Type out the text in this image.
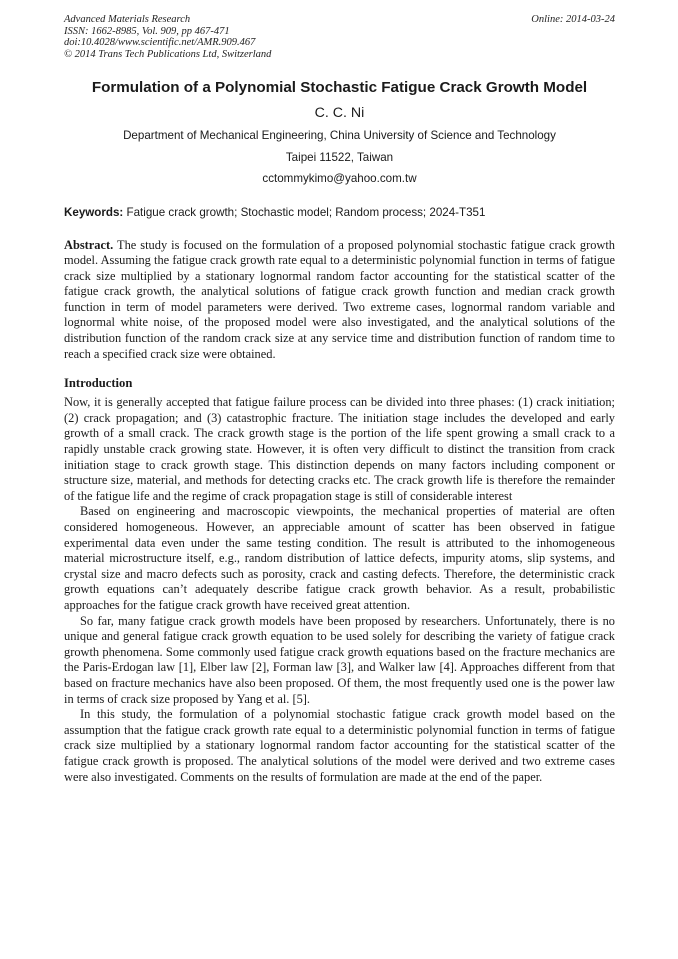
Advanced Materials Research
ISSN: 1662-8985, Vol. 909, pp 467-471
doi:10.4028/www.scientific.net/AMR.909.467
© 2014 Trans Tech Publications Ltd, Switzerland
Online: 2014-03-24
Formulation of a Polynomial Stochastic Fatigue Crack Growth Model
C. C. Ni
Department of Mechanical Engineering, China University of Science and Technology
Taipei 11522, Taiwan
cctommykimo@yahoo.com.tw
Keywords: Fatigue crack growth; Stochastic model; Random process; 2024-T351
Abstract. The study is focused on the formulation of a proposed polynomial stochastic fatigue crack growth model. Assuming the fatigue crack growth rate equal to a deterministic polynomial function in terms of fatigue crack size multiplied by a stationary lognormal random factor accounting for the statistical scatter of the fatigue crack growth, the analytical solutions of fatigue crack growth function and median crack growth function in term of model parameters were derived. Two extreme cases, lognormal random variable and lognormal white noise, of the proposed model were also investigated, and the analytical solutions of the distribution function of the random crack size at any service time and distribution function of random time to reach a specified crack size were obtained.
Introduction

Now, it is generally accepted that fatigue failure process can be divided into three phases: (1) crack initiation; (2) crack propagation; and (3) catastrophic fracture. The initiation stage includes the developed and early growth of a small crack. The crack growth stage is the portion of the life spent growing a small crack to a rapidly unstable crack growing state. However, it is often very difficult to distinct the transition from crack initiation stage to crack growth stage. This distinction depends on many factors including component or structure size, material, and methods for detecting cracks etc. The crack growth life is therefore the remainder of the fatigue life and the regime of crack propagation stage is still of considerable interest

Based on engineering and macroscopic viewpoints, the mechanical properties of material are often considered homogeneous. However, an appreciable amount of scatter has been observed in fatigue experimental data even under the same testing condition. The result is attributed to the inhomogeneous material microstructure itself, e.g., random distribution of lattice defects, impurity atoms, slip systems, and crystal size and macro defects such as porosity, crack and casting defects. Therefore, the deterministic crack growth equations can’t adequately describe fatigue crack growth behavior. As a result, probabilistic approaches for the fatigue crack growth have received great attention.

So far, many fatigue crack growth models have been proposed by researchers. Unfortunately, there is no unique and general fatigue crack growth equation to be used solely for describing the variety of fatigue crack growth phenomena. Some commonly used fatigue crack growth equations based on the fracture mechanics are the Paris-Erdogan law [1], Elber law [2], Forman law [3], and Walker law [4]. Approaches different from that based on fracture mechanics have also been proposed. Of them, the most frequently used one is the power law in terms of crack size proposed by Yang et al. [5].

In this study, the formulation of a polynomial stochastic fatigue crack growth model based on the assumption that the fatigue crack growth rate equal to a deterministic polynomial function in terms of fatigue crack size multiplied by a stationary lognormal random factor accounting for the statistical scatter of the fatigue crack growth is proposed. The analytical solutions of the model were derived and two extreme cases were also investigated. Comments on the results of formulation are made at the end of the paper.
